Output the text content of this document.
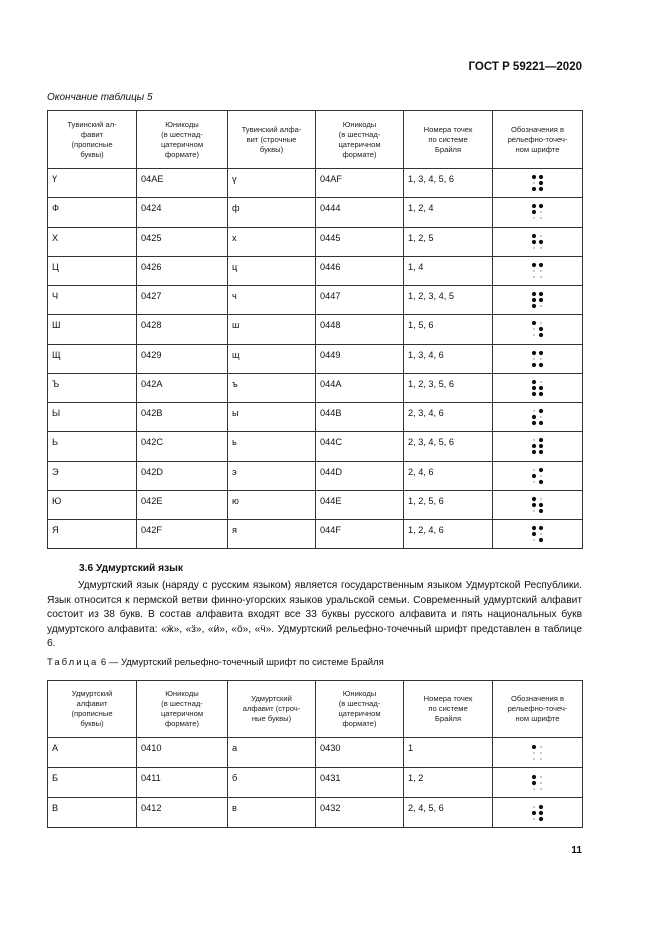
ГОСТ Р 59221—2020
Окончание таблицы 5
Тувинский ал-
фавит
(прописные
буквы)	Юникоды
(в шестнад-
цатеричном
формате)	Тувинский алфа-
вит (строчные
буквы)	Юникоды
(в шестнад-
цатеричном
формате)	Номера точек
по системе
Брайля	Обозначения в
рельефно-точеч-
ном шрифте
Ү	04AE	ү	04AF	1, 3, 4, 5, 6	

Ф	0424	ф	0444	1, 2, 4	

Х	0425	х	0445	1, 2, 5	

Ц	0426	ц	0446	1, 4	

Ч	0427	ч	0447	1, 2, 3, 4, 5	

Ш	0428	ш	0448	1, 5, 6	

Щ	0429	щ	0449	1, 3, 4, 6	

Ъ	042A	ъ	044A	1, 2, 3, 5, 6	

Ы	042B	ы	044B	2, 3, 4, 6	

Ь	042C	ь	044C	2, 3, 4, 5, 6	

Э	042D	э	044D	2, 4, 6	

Ю	042E	ю	044E	1, 2, 5, 6	

Я	042F	я	044F	1, 2, 4, 6	
3.6 Удмуртский язык

Удмуртский язык (наряду с русским языком) является государственным языком Удмуртской Республики. Язык относится к пермской ветви финно-угорских языков уральской семьи. Современный удмуртский алфавит состоит из 38 букв. В состав алфавита входят все 33 буквы русского алфавита и пять национальных букв удмуртского алфавита: «ӝ», «ӟ», «ӥ», «ӧ», «ӵ». Удмуртский рельефно-точечный шрифт представлен в таблице 6.

Таблица 6 — Удмуртский рельефно-точечный шрифт по системе Брайля
Удмуртский
алфавит
(прописные
буквы)	Юникоды
(в шестнад-
цатеричном
формате)	Удмуртский
алфавит (строч-
ные буквы)	Юникоды
(в шестнад-
цатеричном
формате)	Номера точек
по системе
Брайля	Обозначения в
рельефно-точеч-
ном шрифте
А	0410	а	0430	1	

Б	0411	б	0431	1, 2	

В	0412	в	0432	2, 4, 5, 6	
11
